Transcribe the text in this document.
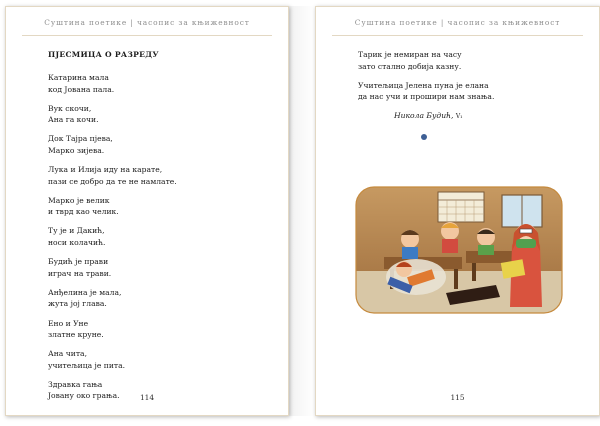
Суштина поетике | часопис за књижевност
ПЈЕСМИЦА О РАЗРЕДУ
Катарина мала
код Јована пала.
Вук скочи,
Ана га кочи.
Док Тајра пјева,
Марко зијева.
Лука и Илија иду на карате,
пази се добро да те не намлате.
Марко је велик
и тврд као челик.
Ту је и Дакић,
носи колачић.
Будић је прави
играч на трави.
Анђелина је мала,
жута јој глава.
Ено и Уне
златне круне.
Ана чита,
учитељица је пита.
Здравка гања
Јовану око грања.	114
Суштина поетике | часопис за књижевност
Тарик је немиран на часу
зато стално добија казну.
Учитељица Јелена пуна је елана
да нас учи и прошири нам знања.
Никола Будић, V₁
115
